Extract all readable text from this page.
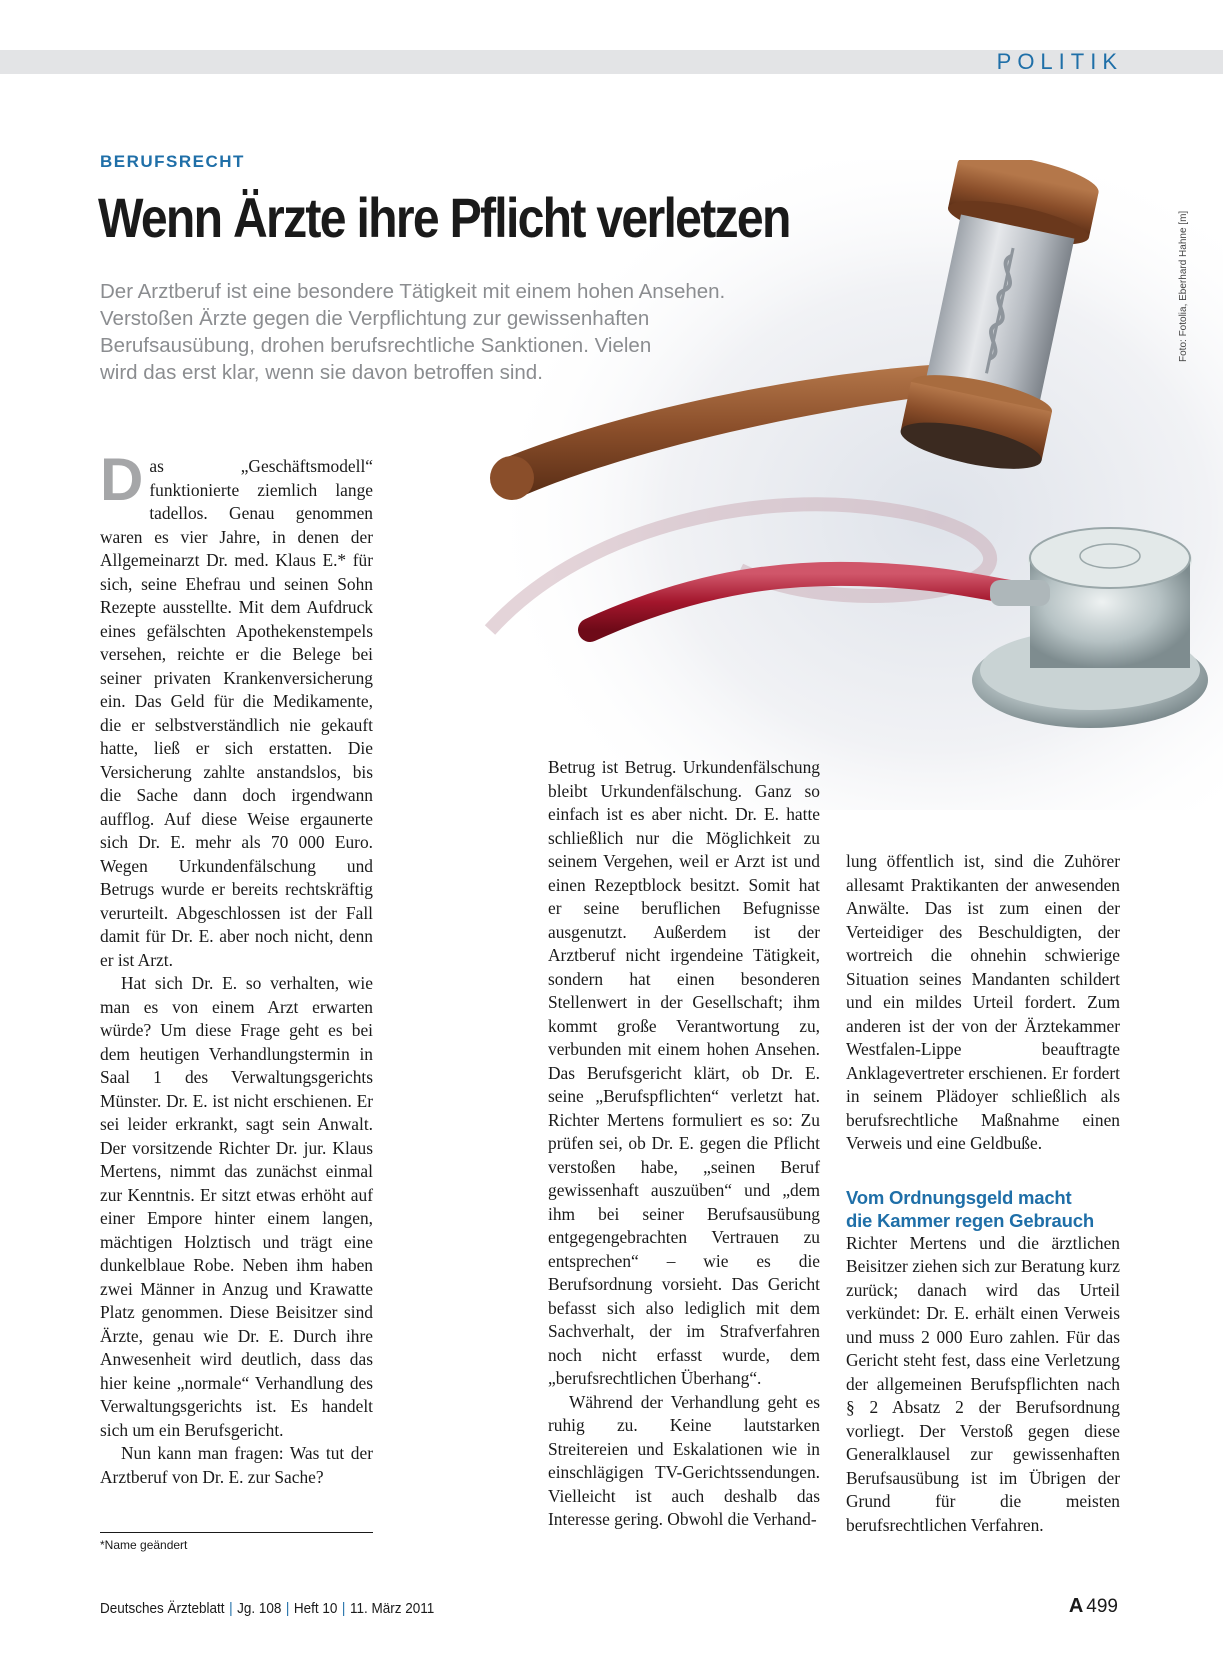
POLITIK
Foto: Fotolia, Eberhard Hahne [m]
BERUFSRECHT
Wenn Ärzte ihre Pflicht verletzen

Der Arztberuf ist eine besondere Tätigkeit mit einem hohen Ansehen.

Verstoßen Ärzte gegen die Verpflichtung zur gewissenhaften

Berufsausübung, drohen berufsrechtliche Sanktionen. Vielen

wird das erst klar, wenn sie davon betroffen sind.

Das „Geschäftsmodell“ funktionierte ziemlich lange tadellos. Genau genommen waren es vier Jahre, in denen der Allgemeinarzt Dr. med. Klaus E.* für sich, seine Ehefrau und seinen Sohn Rezepte ausstellte. Mit dem Aufdruck eines gefälschten Apothekenstempels versehen, reichte er die Belege bei seiner privaten Krankenversicherung ein. Das Geld für die Medikamente, die er selbstverständlich nie gekauft hatte, ließ er sich erstatten. Die Versicherung zahlte anstandslos, bis die Sache dann doch irgendwann aufflog. Auf diese Weise ergaunerte sich Dr. E. mehr als 70 000 Euro. Wegen Urkundenfälschung und Betrugs wurde er bereits rechtskräftig verurteilt. Abgeschlossen ist der Fall damit für Dr. E. aber noch nicht, denn er ist Arzt.

Hat sich Dr. E. so verhalten, wie man es von einem Arzt erwarten würde? Um diese Frage geht es bei dem heutigen Verhandlungstermin in Saal 1 des Verwaltungsgerichts Münster. Dr. E. ist nicht erschienen. Er sei leider erkrankt, sagt sein Anwalt. Der vorsitzende Richter Dr. jur. Klaus Mertens, nimmt das zunächst einmal zur Kenntnis. Er sitzt etwas erhöht auf einer Empore hinter einem langen, mächtigen Holztisch und trägt eine dunkelblaue Robe. Neben ihm haben zwei Männer in Anzug und Krawatte Platz genommen. Diese Beisitzer sind Ärzte, genau wie Dr. E. Durch ihre Anwesenheit wird deutlich, dass das hier keine „normale“ Verhandlung des Verwaltungsgerichts ist. Es handelt sich um ein Berufsgericht.

Nun kann man fragen: Was tut der Arztberuf von Dr. E. zur Sache?

Betrug ist Betrug. Urkundenfälschung bleibt Urkundenfälschung. Ganz so einfach ist es aber nicht. Dr. E. hatte schließlich nur die Möglichkeit zu seinem Vergehen, weil er Arzt ist und einen Rezeptblock besitzt. Somit hat er seine beruflichen Befugnisse ausgenutzt. Außerdem ist der Arztberuf nicht irgendeine Tätigkeit, sondern hat einen besonderen Stellenwert in der Gesellschaft; ihm kommt große Verantwortung zu, verbunden mit einem hohen Ansehen. Das Berufsgericht klärt, ob Dr. E. seine „Berufspflichten“ verletzt hat. Richter Mertens formuliert es so: Zu prüfen sei, ob Dr. E. gegen die Pflicht verstoßen habe, „seinen Beruf gewissenhaft auszuüben“ und „dem ihm bei seiner Berufsausübung entgegengebrachten Vertrauen zu entsprechen“ – wie es die Berufsordnung vorsieht. Das Gericht befasst sich also lediglich mit dem Sachverhalt, der im Strafverfahren noch nicht erfasst wurde, dem „berufsrechtlichen Überhang“.

Während der Verhandlung geht es ruhig zu. Keine lautstarken Streitereien und Eskalationen wie in einschlägigen TV-Gerichtssendungen. Vielleicht ist auch deshalb das Interesse gering. Obwohl die Verhand-

lung öffentlich ist, sind die Zuhörer allesamt Praktikanten der anwesenden Anwälte. Das ist zum einen der Verteidiger des Beschuldigten, der wortreich die ohnehin schwierige Situation seines Mandanten schildert und ein mildes Urteil fordert. Zum anderen ist der von der Ärztekammer Westfalen-Lippe beauftragte Anklagevertreter erschienen. Er fordert in seinem Plädoyer schließlich als berufsrechtliche Maßnahme einen Verweis und eine Geldbuße.

Vom Ordnungsgeld macht
die Kammer regen Gebrauch

Richter Mertens und die ärztlichen Beisitzer ziehen sich zur Beratung kurz zurück; danach wird das Urteil verkündet: Dr. E. erhält einen Verweis und muss 2 000 Euro zahlen. Für das Gericht steht fest, dass eine Verletzung der allgemeinen Berufspflichten nach § 2 Absatz 2 der Berufsordnung vorliegt. Der Verstoß gegen diese Generalklausel zur gewissenhaften Berufsausübung ist im Übrigen der Grund für die meisten berufsrechtlichen Verfahren.

*Name geändert
Deutsches Ärzteblatt | Jg. 108 | Heft 10 | 11. März 2011	A 499
